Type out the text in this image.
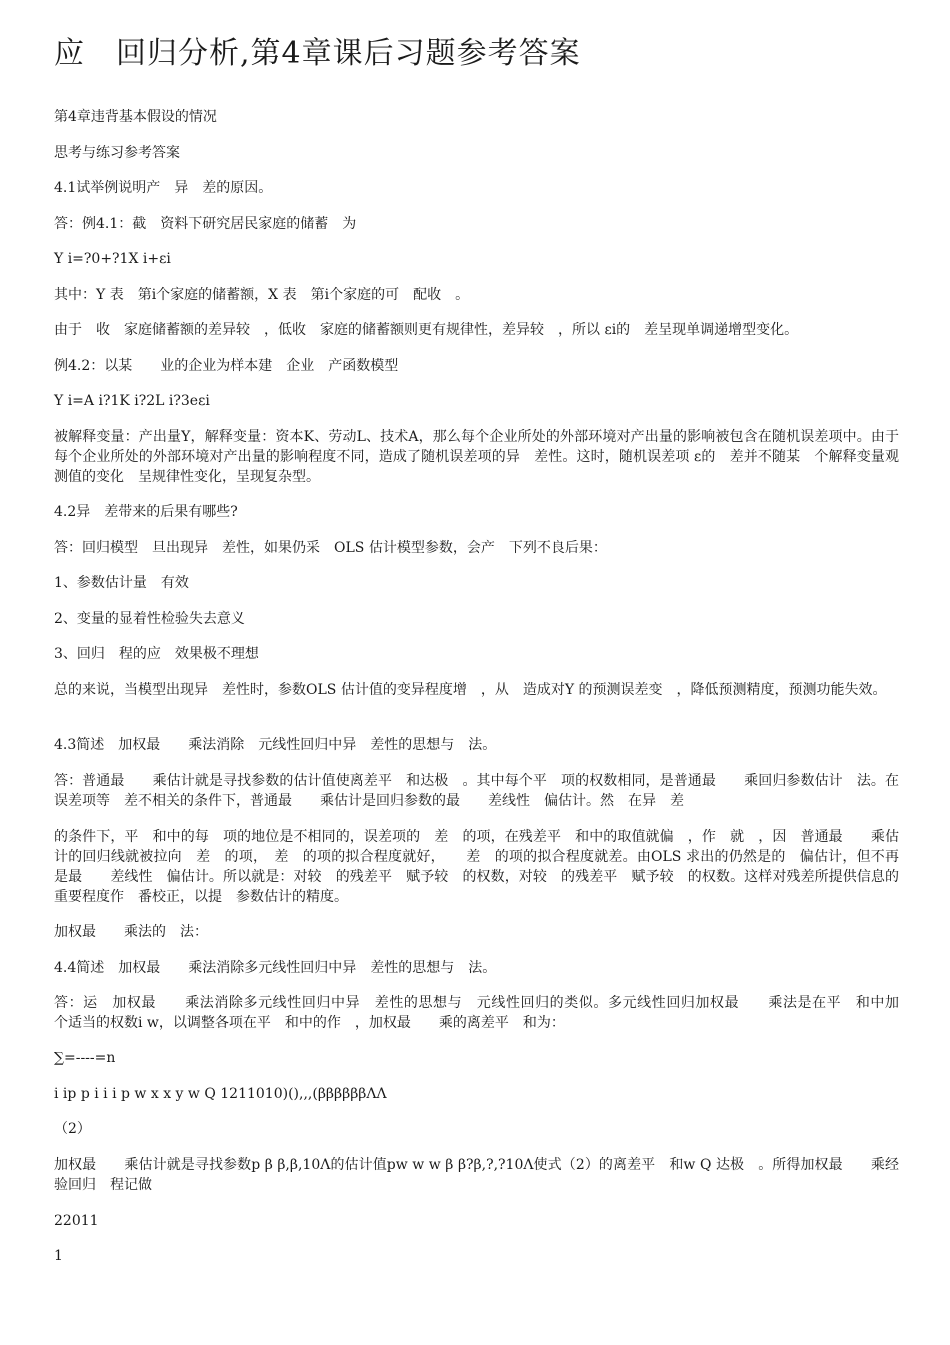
应　回归分析,第4章课后习题参考答案

第4章违背基本假设的情况

思考与练习参考答案

4.1试举例说明产　异　差的原因。

答：例4.1：截　资料下研究居民家庭的储蓄　为

Y i=?0+?1X i+εi

其中：Y 表　第i个家庭的储蓄额，X 表　第i个家庭的可　配收　。

由于　收　家庭储蓄额的差异较　，低收　家庭的储蓄额则更有规律性，差异较　，所以 εi的　差呈现单调递增型变化。

例4.2：以某　　业的企业为样本建　企业　产函数模型

Y i=A i?1K i?2L i?3eεi

被解释变量：产出量Y，解释变量：资本K、劳动L、技术A，那么每个企业所处的外部环境对产出量的影响被包含在随机误差项中。由于每个企业所处的外部环境对产出量的影响程度不同，造成了随机误差项的异　差性。这时，随机误差项 ε的　差并不随某　个解释变量观测值的变化　呈规律性变化，呈现复杂型。

4.2异　差带来的后果有哪些?

答：回归模型　旦出现异　差性，如果仍采　OLS 估计模型参数，会产　下列不良后果：

1、参数估计量　有效

2、变量的显着性检验失去意义

3、回归　程的应　效果极不理想

总的来说，当模型出现异　差性时，参数OLS 估计值的变异程度增　，从　造成对Y 的预测误差变　，降低预测精度，预测功能失效。

4.3简述　加权最　　乘法消除　元线性回归中异　差性的思想与　法。

答：普通最　　乘估计就是寻找参数的估计值使离差平　和达极　。其中每个平　项的权数相同，是普通最　　乘回归参数估计　法。在误差项等　差不相关的条件下，普通最　　乘估计是回归参数的最　　差线性　偏估计。然　在异　差

的条件下，平　和中的每　项的地位是不相同的，误差项的　差　的项，在残差平　和中的取值就偏　，作　就　，因　普通最　　乘估计的回归线就被拉向　差　的项，　差　的项的拟合程度就好，　　差　的项的拟合程度就差。由OLS 求出的仍然是的　偏估计，但不再是最　　差线性　偏估计。所以就是：对较　的残差平　赋予较　的权数，对较　的残差平　赋予较　的权数。这样对残差所提供信息的重要程度作　番校正，以提　参数估计的精度。

加权最　　乘法的　法：

4.4简述　加权最　　乘法消除多元线性回归中异　差性的思想与　法。

答：运　加权最　　乘法消除多元线性回归中异　差性的思想与　元线性回归的类似。多元线性回归加权最　　乘法是在平　和中加　　个适当的权数i w，以调整各项在平　和中的作　，加权最　　乘的离差平　和为：

∑=----=n

i ip p i i i p w x x y w Q 1211010)(),,,(ββββββΛΛ

（2）

加权最　　乘估计就是寻找参数p β β,β,10Λ的估计值pw w w β β?β,?,?10Λ使式（2）的离差平　和w Q 达极　。所得加权最　　乘经验回归　程记做

22011

1
